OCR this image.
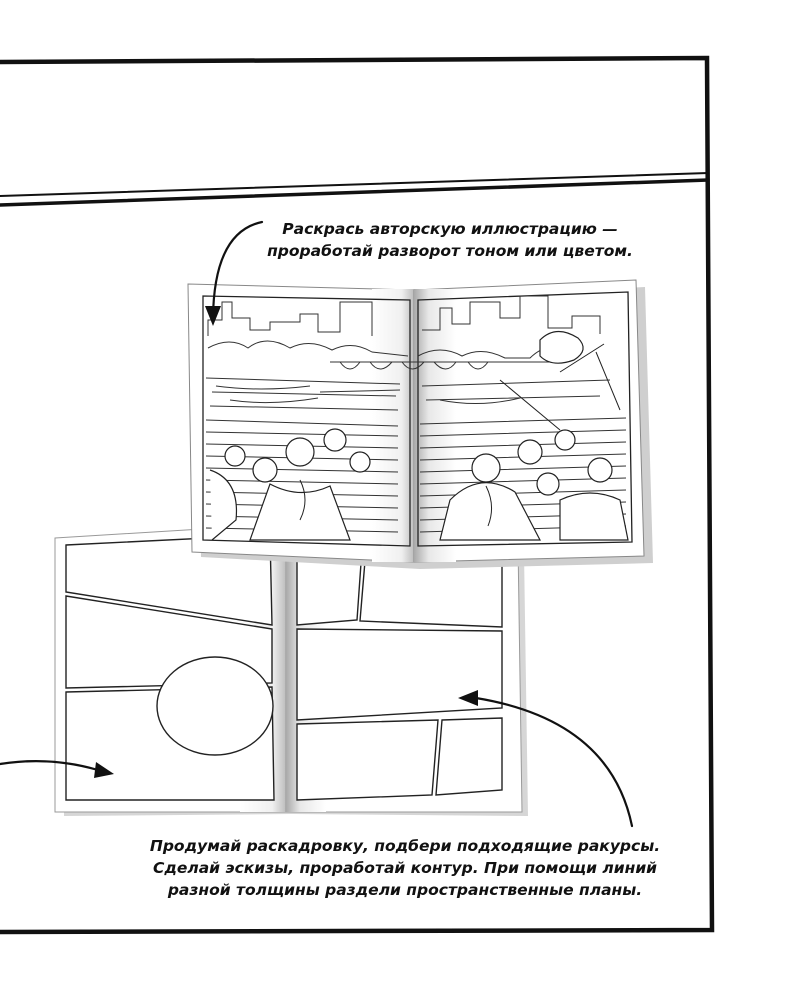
Раскрась авторскую иллюстрацию —
проработай разворот тоном или цветом.
Продумай раскадровку, подбери подходящие ракурсы.
Сделай эскизы, проработай контур. При помощи линий
разной толщины раздели пространственные планы.
